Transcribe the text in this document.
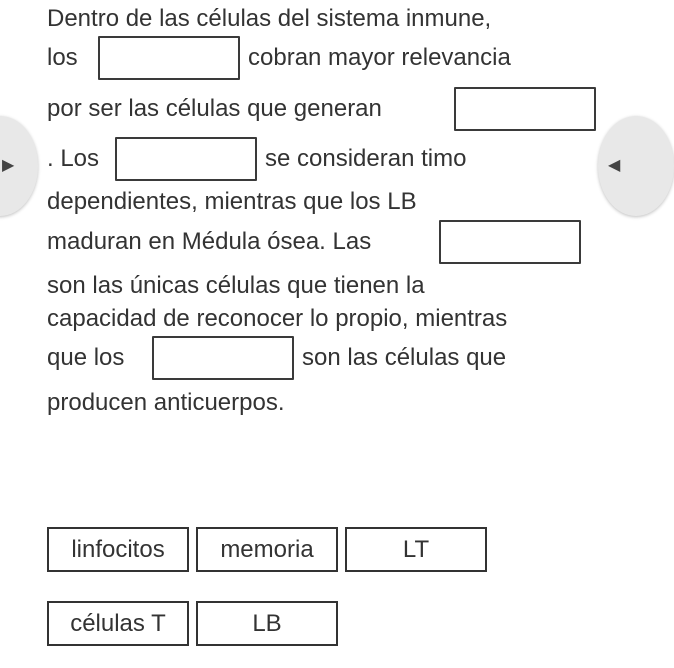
▶	◀
Dentro de las células del sistema inmune,
los	cobran mayor relevancia
por ser las células que generan
. Los	se consideran timo
dependientes, mientras que los LB
maduran en Médula ósea. Las
son las únicas células que tienen la
capacidad de reconocer lo propio, mientras
que los	son las células que
producen anticuerpos.
linfocitos	memoria	LT
células T	LB
